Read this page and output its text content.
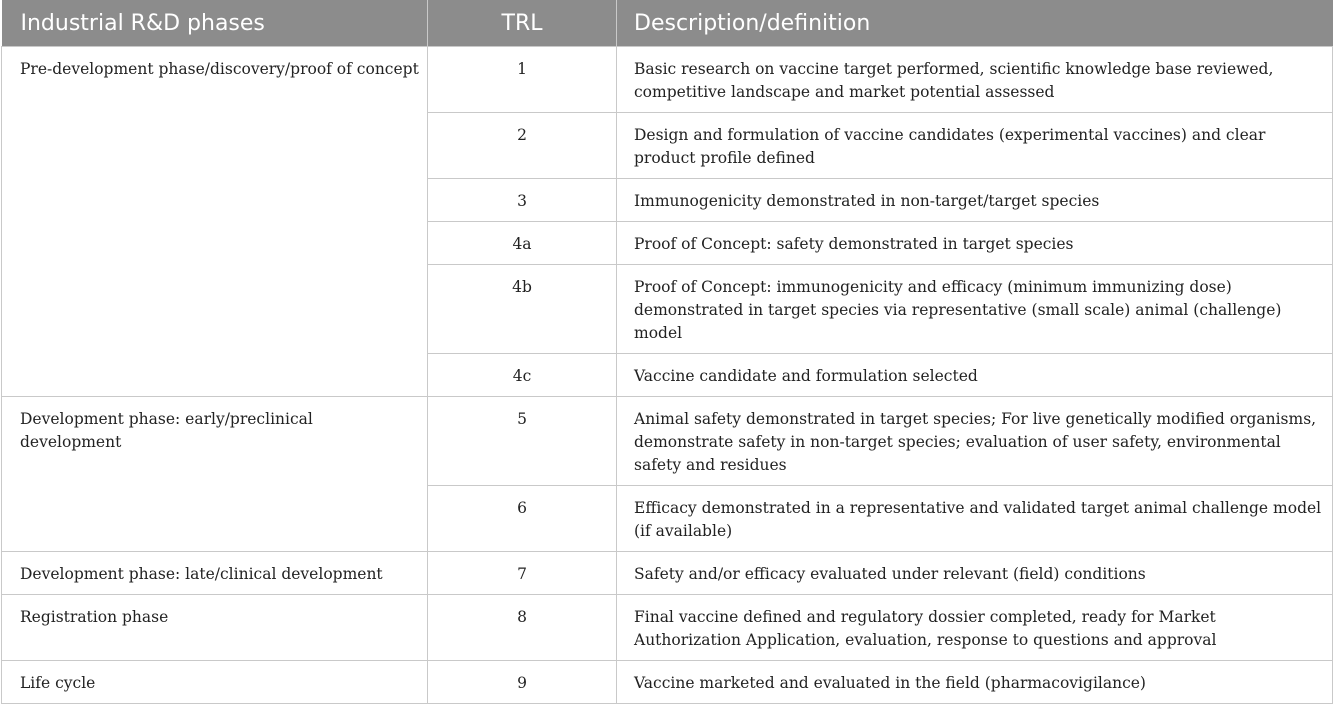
Industrial R&D phases	TRL	Description/definition
Pre-development phase/discovery/proof of concept	1	Basic research on vaccine target performed, scientific knowledge base reviewed, competitive landscape and market potential assessed
	2	Design and formulation of vaccine candidates (experimental vaccines) and clear product profile defined
	3	Immunogenicity demonstrated in non-target/target species
	4a	Proof of Concept: safety demonstrated in target species
	4b	Proof of Concept: immunogenicity and efficacy (minimum immunizing dose) demonstrated in target species via representative (small scale) animal (challenge) model
	4c	Vaccine candidate and formulation selected
Development phase: early/preclinical development	5	Animal safety demonstrated in target species; For live genetically modified organisms, demonstrate safety in non-target species; evaluation of user safety, environmental safety and residues
	6	Efficacy demonstrated in a representative and validated target animal challenge model (if available)
Development phase: late/clinical development	7	Safety and/or efficacy evaluated under relevant (field) conditions
Registration phase	8	Final vaccine defined and regulatory dossier completed, ready for Market Authorization Application, evaluation, response to questions and approval
Life cycle	9	Vaccine marketed and evaluated in the field (pharmacovigilance)
